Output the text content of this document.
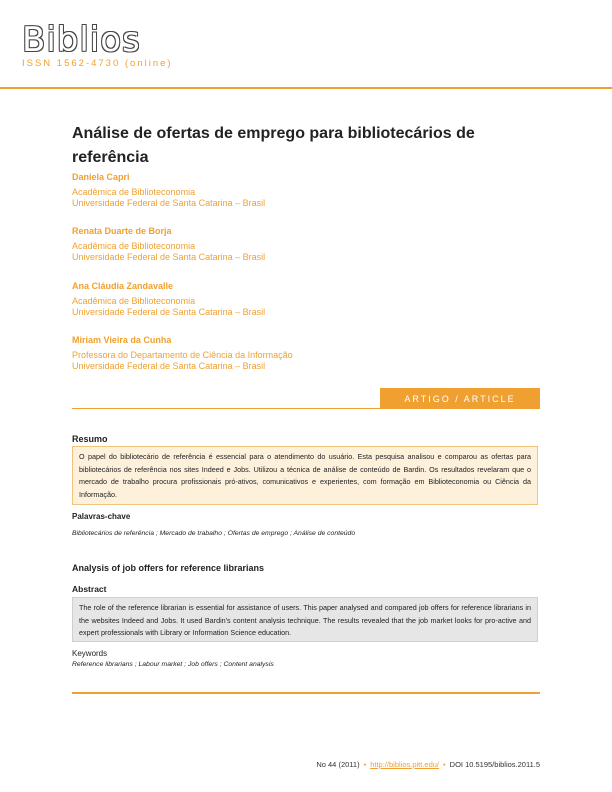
Biblios
ISSN 1562-4730 (online)
Análise de ofertas de emprego para bibliotecários de referência
Daniela Capri
Acadêmica de Biblioteconomia
Universidade Federal de Santa Catarina – Brasil
Renata Duarte de Borja
Acadêmica de Biblioteconomia
Universidade Federal de Santa Catarina – Brasil
Ana Cláudia Zandavalle
Acadêmica de Biblioteconomia
Universidade Federal de Santa Catarina – Brasil
Miriam Vieira da Cunha
Professora do Departamento de Ciência da Informação
Universidade Federal de Santa Catarina – Brasil
ARTIGO / ARTICLE
Resumo
O papel do bibliotecário de referência é essencial para o atendimento do usuário. Esta pesquisa analisou e comparou as ofertas para bibliotecários de referência nos sites Indeed e Jobs. Utilizou a técnica de análise de conteúdo de Bardin. Os resultados revelaram que o mercado de trabalho procura profissionais pró-ativos, comunicativos e experientes, com formação em Biblioteconomia ou Ciência da Informação.
Palavras-chave
Bibliotecários de referência ; Mercado de trabalho ; Ofertas de emprego ; Análise de conteúdo
Analysis of job offers for reference librarians
Abstract
The role of the reference librarian is essential for assistance of users. This paper analysed and compared job offers for reference librarians in the websites Indeed and Jobs. It used Bardin's content analysis technique. The results revealed that the job market looks for pro-active and expert professionals with Library or Information Science education.
Keywords
Reference librarians ; Labour market ; Job offers ; Content analysis
No 44 (2011) • http://biblios.pitt.edu/ • DOI 10.5195/biblios.2011.5
